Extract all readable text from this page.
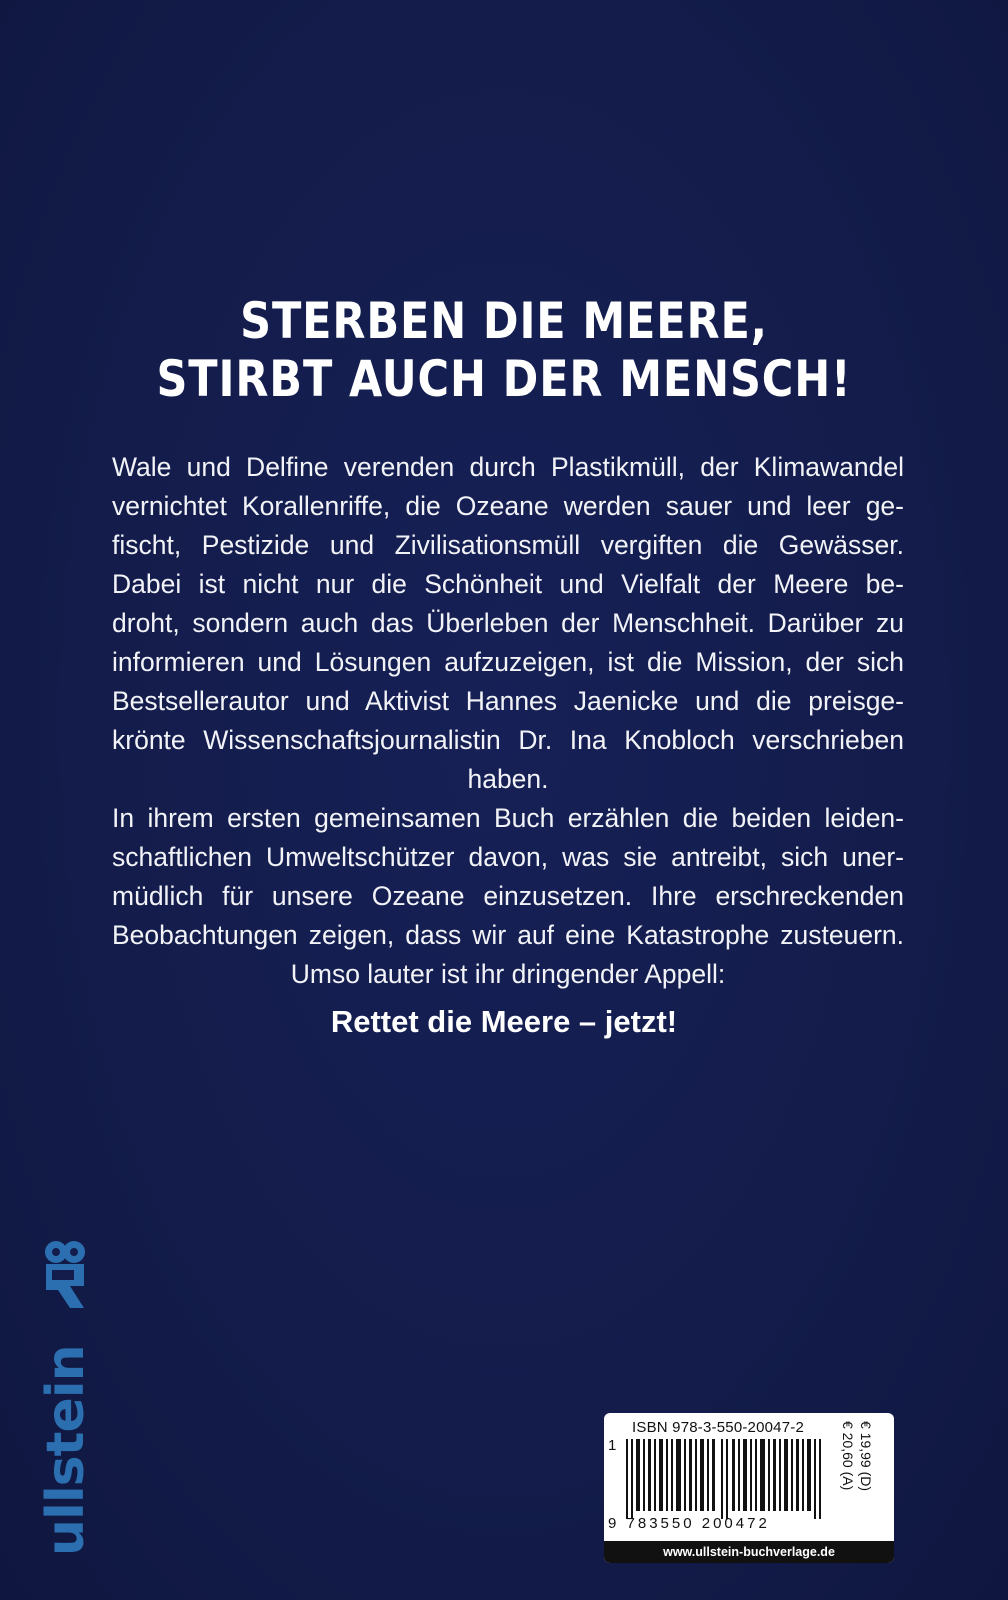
STERBEN DIE MEERE,
STIRBT AUCH DER MENSCH!
Wale und Delfine verenden durch Plastikmüll, der Klimawandel
vernichtet Korallenriffe, die Ozeane werden sauer und leer ge-
fischt, Pestizide und Zivilisationsmüll vergiften die Gewässer.
Dabei ist nicht nur die Schönheit und Vielfalt der Meere be-
droht, sondern auch das Überleben der Menschheit. Darüber zu
informieren und Lösungen aufzuzeigen, ist die Mission, der sich
Bestsellerautor und Aktivist Hannes Jaenicke und die preisge-
krönte Wissenschaftsjournalistin Dr. Ina Knobloch verschrieben
haben.
In ihrem ersten gemeinsamen Buch erzählen die beiden leiden-
schaftlichen Umweltschützer davon, was sie antreibt, sich uner-
müdlich für unsere Ozeane einzusetzen. Ihre erschreckenden
Beobachtungen zeigen, dass wir auf eine Katastrophe zusteuern.
Umso lauter ist ihr dringender Appell:
Rettet die Meere – jetzt!
ullstein	ISBN 978-3-550-20047-2
1
9 783550 200472
€ 19,99 (D)
€ 20,60 (A)
www.ullstein-buchverlage.de
